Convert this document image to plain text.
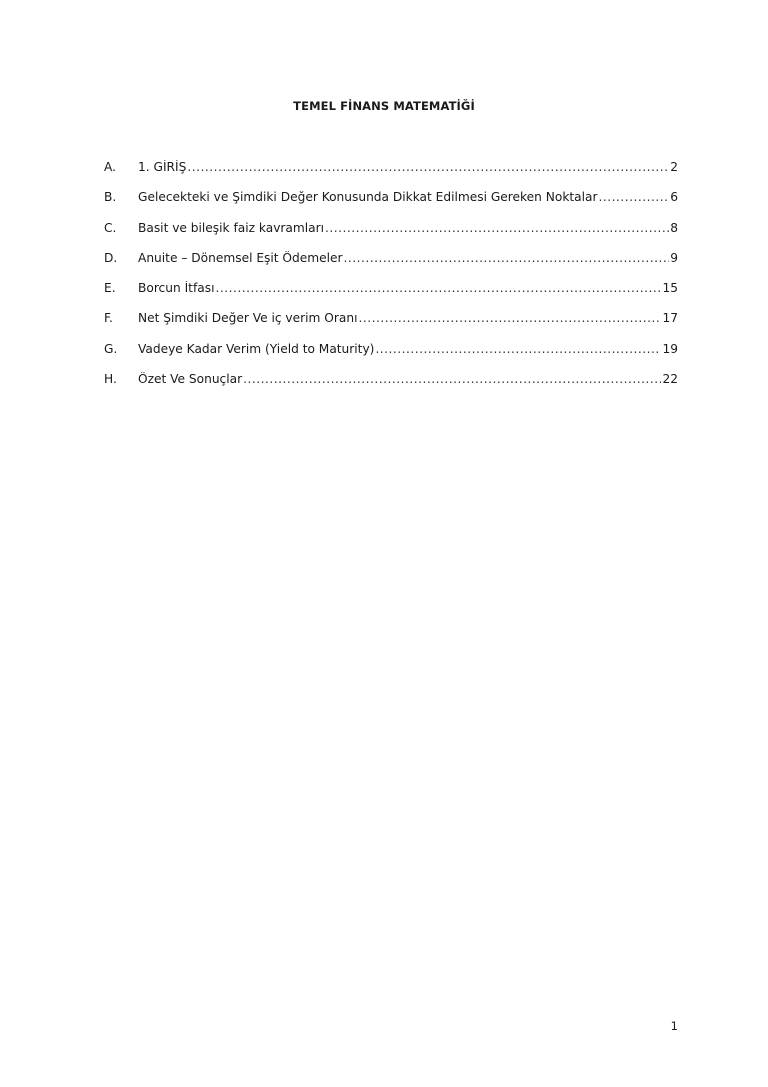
TEMEL FİNANS MATEMATİĞİ
A.	1. GİRİŞ .....	2
B.	Gelecekteki ve Şimdiki Değer Konusunda Dikkat Edilmesi Gereken Noktalar .....	6
C.	Basit ve bileşik faiz kavramları .....	8
D.	Anuite – Dönemsel Eşit Ödemeler .....	9
E.	Borcun İtfası .....	15
F.	Net Şimdiki Değer Ve iç verim Oranı .....	17
G.	Vadeye Kadar Verim (Yield to Maturity) .....	19
H.	Özet Ve Sonuçlar .....	22
1
